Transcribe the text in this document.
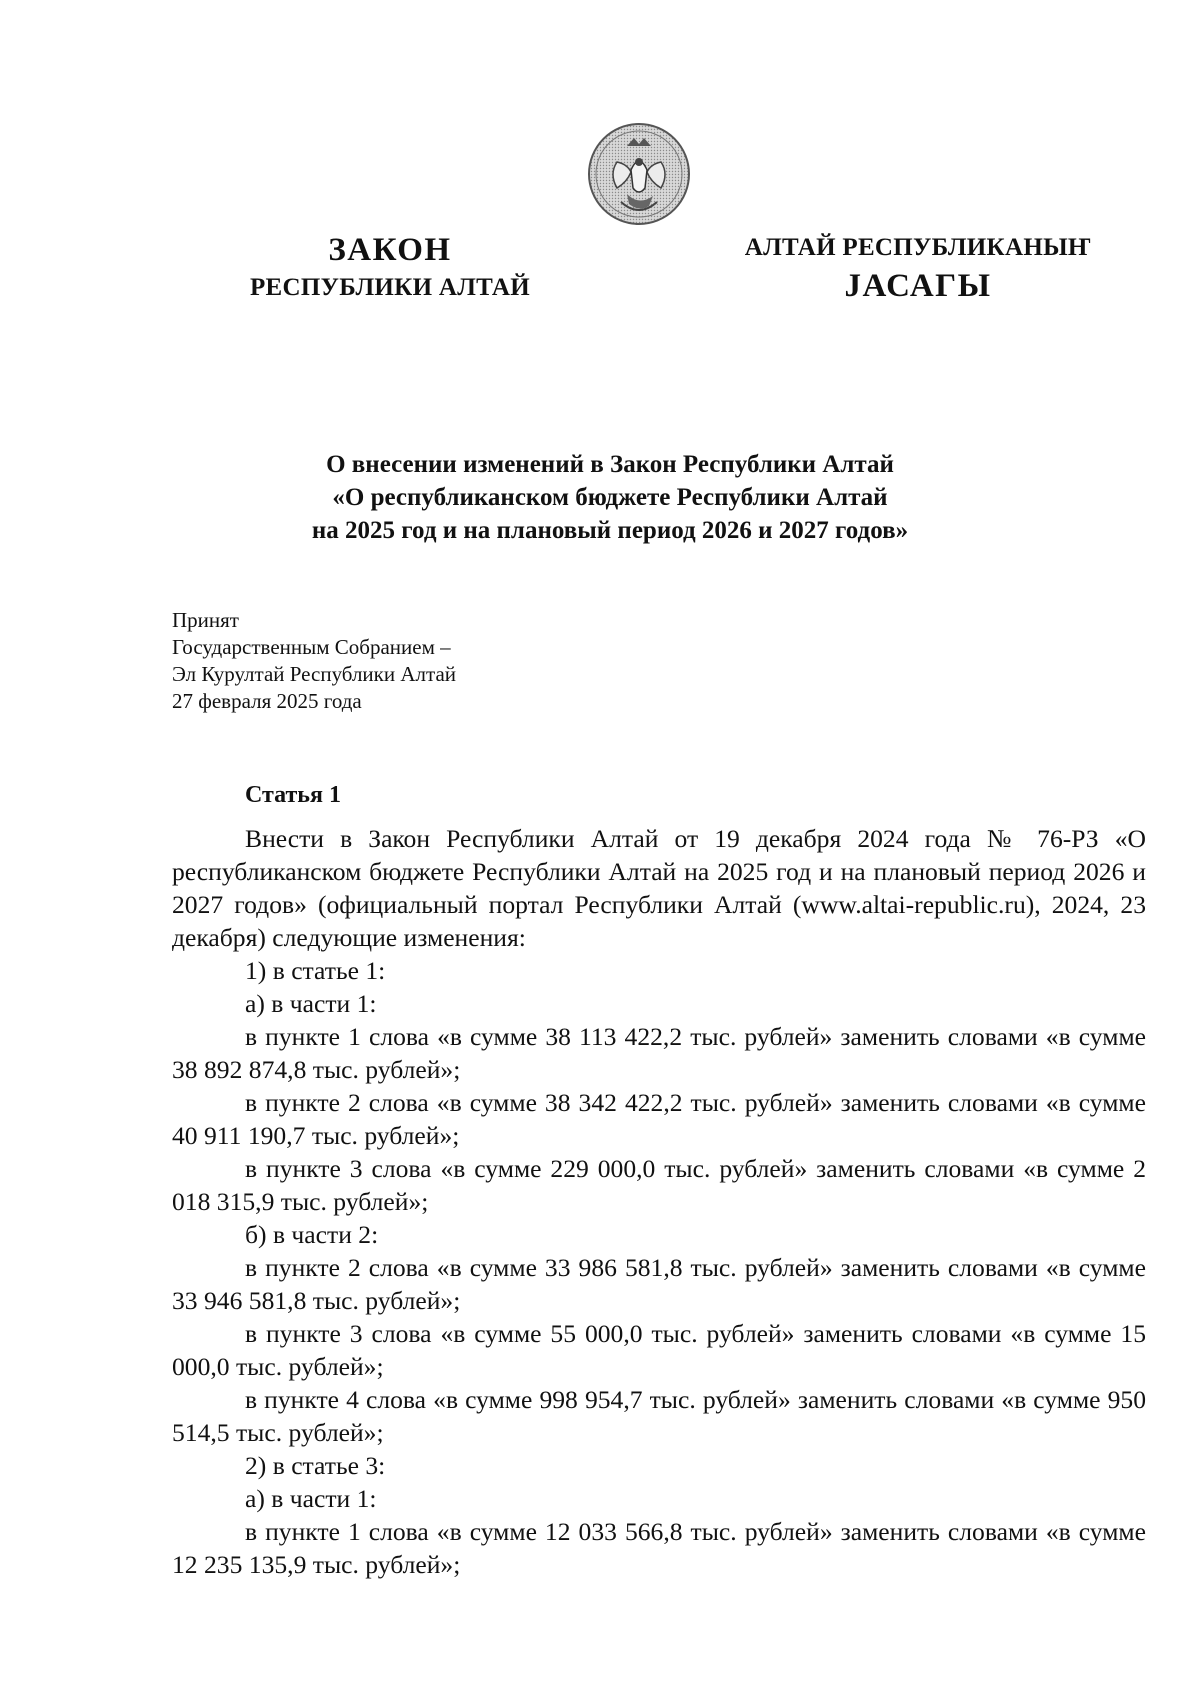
ЗАКОН
РЕСПУБЛИКИ АЛТАЙ
АЛТАЙ РЕСПУБЛИКАНЫҤ
JАСАГЫ
О внесении изменений в Закон Республики Алтай
«О республиканском бюджете Республики Алтай
на 2025 год и на плановый период 2026 и 2027 годов»
Принят
Государственным Собранием –
Эл Курултай Республики Алтай
27 февраля 2025 года
Статья 1

Внести в Закон Республики Алтай от 19 декабря 2024 года № 76-РЗ «О республиканском бюджете Республики Алтай на 2025 год и на плановый период 2026 и 2027 годов» (официальный портал Республики Алтай (www.altai-republic.ru), 2024, 23 декабря) следующие изменения:

1) в статье 1:

а) в части 1:

в пункте 1 слова «в сумме 38 113 422,2 тыс. рублей» заменить словами «в сумме 38 892 874,8 тыс. рублей»;

в пункте 2 слова «в сумме 38 342 422,2 тыс. рублей» заменить словами «в сумме 40 911 190,7 тыс. рублей»;

в пункте 3 слова «в сумме 229 000,0 тыс. рублей» заменить словами «в сумме 2 018 315,9 тыс. рублей»;

б) в части 2:

в пункте 2 слова «в сумме 33 986 581,8 тыс. рублей» заменить словами «в сумме 33 946 581,8 тыс. рублей»;

в пункте 3 слова «в сумме 55 000,0 тыс. рублей» заменить словами «в сумме 15 000,0 тыс. рублей»;

в пункте 4 слова «в сумме 998 954,7 тыс. рублей» заменить словами «в сумме 950 514,5 тыс. рублей»;

2) в статье 3:

а) в части 1:

в пункте 1 слова «в сумме 12 033 566,8 тыс. рублей» заменить словами «в сумме 12 235 135,9 тыс. рублей»;
